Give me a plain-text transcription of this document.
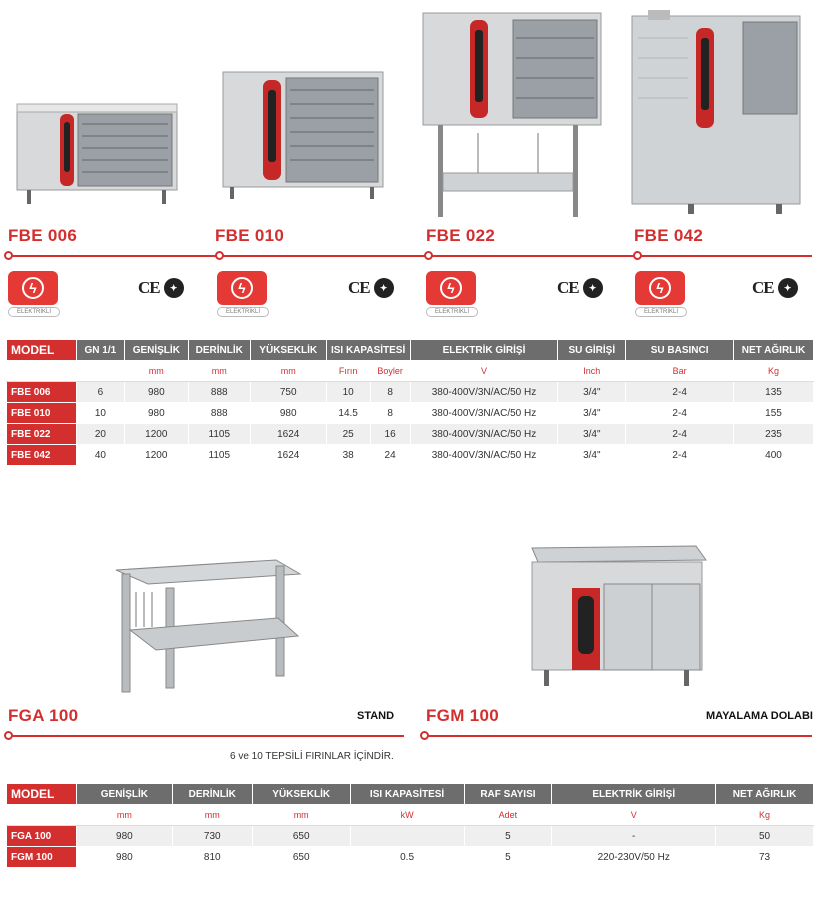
FBE 006	FBE 010	FBE 022	FBE 042
ϟ
ELEKTRİKLİ
CE	✦	ϟ
ELEKTRİKLİ
CE	✦	ϟ
ELEKTRİKLİ
CE	✦	ϟ
ELEKTRİKLİ
CE	✦
MODEL	GN 1/1	GENİŞLİK	DERİNLİK	YÜKSEKLİK	ISI KAPASİTESİ		ELEKTRİK GİRİŞİ	SU GİRİŞİ	SU BASINCI	NET AĞIRLIK
		mm	mm	mm	Fırın	Boyler	V	Inch	Bar	Kg
FBE 006	6	980	888	750	10	8	380-400V/3N/AC/50 Hz	3/4"	2-4	135
FBE 010	10	980	888	980	14.5	8	380-400V/3N/AC/50 Hz	3/4"	2-4	155
FBE 022	20	1200	1105	1624	25	16	380-400V/3N/AC/50 Hz	3/4"	2-4	235
FBE 042	40	1200	1105	1624	38	24	380-400V/3N/AC/50 Hz	3/4"	2-4	400
FGA 100	STAND FGM 100	MAYALAMA DOLABI
6 ve 10 TEPSİLİ FIRINLAR İÇİNDİR.
MODEL	GENİŞLİK	DERİNLİK	YÜKSEKLİK	ISI KAPASİTESİ	RAF SAYISI	ELEKTRİK GİRİŞİ	NET AĞIRLIK
	mm	mm	mm	kW	Adet	V	Kg
FGA 100	980	730	650		5	-	50
FGM 100	980	810	650	0.5	5	220-230V/50 Hz	73
